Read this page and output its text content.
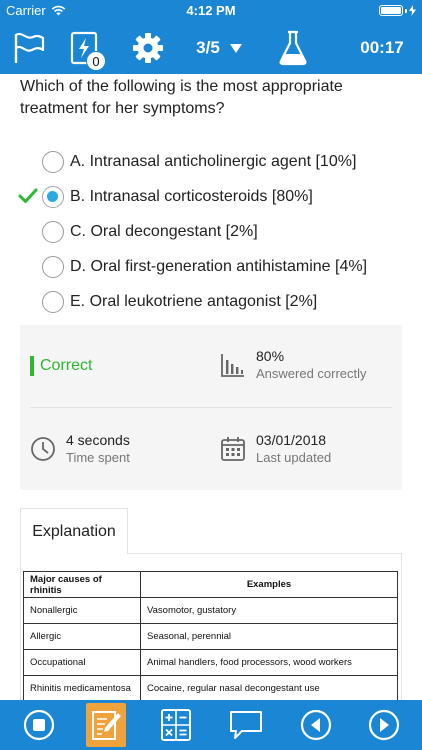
Carrier	4:12 PM
0
3/5	00:17
Which of the following is the most appropriate treatment for her symptoms?
A. Intranasal anticholinergic agent [10%]
B. Intranasal corticosteroids [80%]
C. Oral decongestant [2%]
D. Oral first-generation antihistamine [4%]
E. Oral leukotriene antagonist [2%]
Correct
80%
Answered correctly
4 seconds
Time spent
03/01/2018
Last updated
Explanation
Major causes of rhinitis	Examples
Nonallergic	Vasomotor, gustatory
Allergic	Seasonal, perennial
Occupational	Animal handlers, food processors, wood workers
Rhinitis medicamentosa	Cocaine, regular nasal decongestant use
